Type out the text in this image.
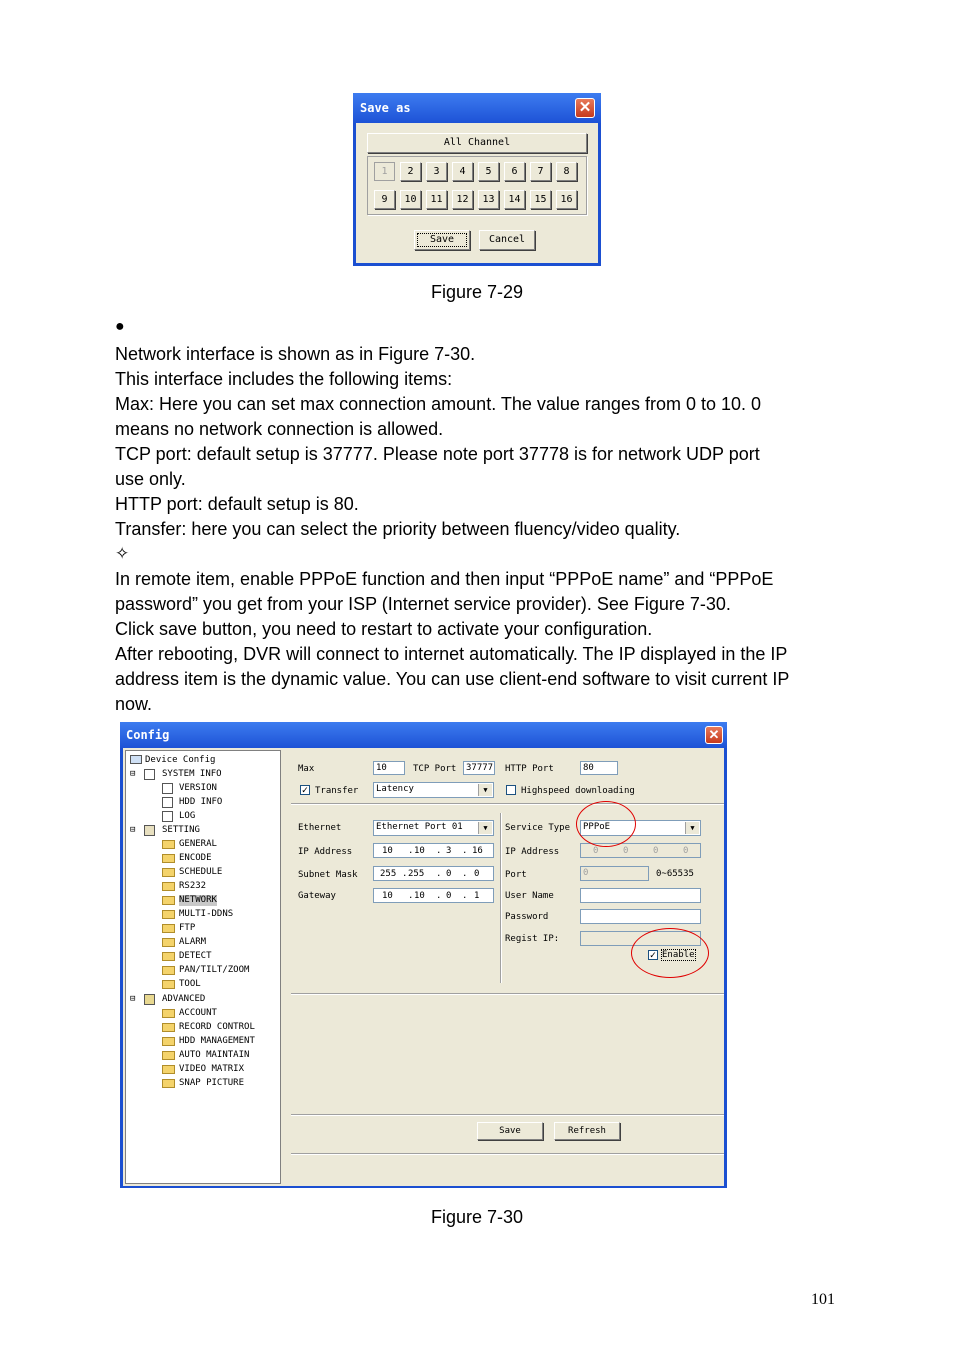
Save as	✕
All Channel
1	2	3	4	5	6	7	8
9	10	11	12	13	14	15	16
Save	Cancel
Figure 7-29
●
Network interface is shown as in Figure 7-30.
This interface includes the following items:
Max: Here you can set max connection amount. The value ranges from 0 to 10. 0
means no network connection is allowed.
TCP port: default setup is 37777. Please note port 37778 is for network UDP port
use only.
HTTP port: default setup is 80.
Transfer: here you can select the priority between fluency/video quality.
✧
In remote item, enable PPPoE function and then input “PPPoE name” and “PPPoE
password” you get from your ISP (Internet service provider). See Figure 7-30.
Click save button, you need to restart to activate your configuration.
After rebooting, DVR will connect to internet automatically. The IP displayed in the IP
address item is the dynamic value. You can use client-end software to visit current IP
now.
Config	✕
Device Config
⊟	SYSTEM INFO
VERSION
HDD INFO
LOG
⊟	SETTING
GENERAL
ENCODE
SCHEDULE
RS232
NETWORK
MULTI-DDNS
FTP
ALARM
DETECT
PAN/TILT/ZOOM
TOOL
⊟	ADVANCED
ACCOUNT
RECORD CONTROL
HDD MANAGEMENT
AUTO MAINTAIN
VIDEO MATRIX
SNAP PICTURE
Max	10	TCP Port	37777 HTTP Port	80
✓ Transfer	Latency	▼	Highspeed downloading
Ethernet	Ethernet Port 01	▼
IP Address	10 . 10 . 3 . 16
Subnet Mask 255 . 255 . 0 . 0
Gateway	10 . 10 . 0 . 1
Service Type	PPPoE	▼
IP Address	0	0	0	0
Port	0	0~65535
User Name
Password
Regist IP:
✓ Enable
Save	Refresh
Figure 7-30
101
